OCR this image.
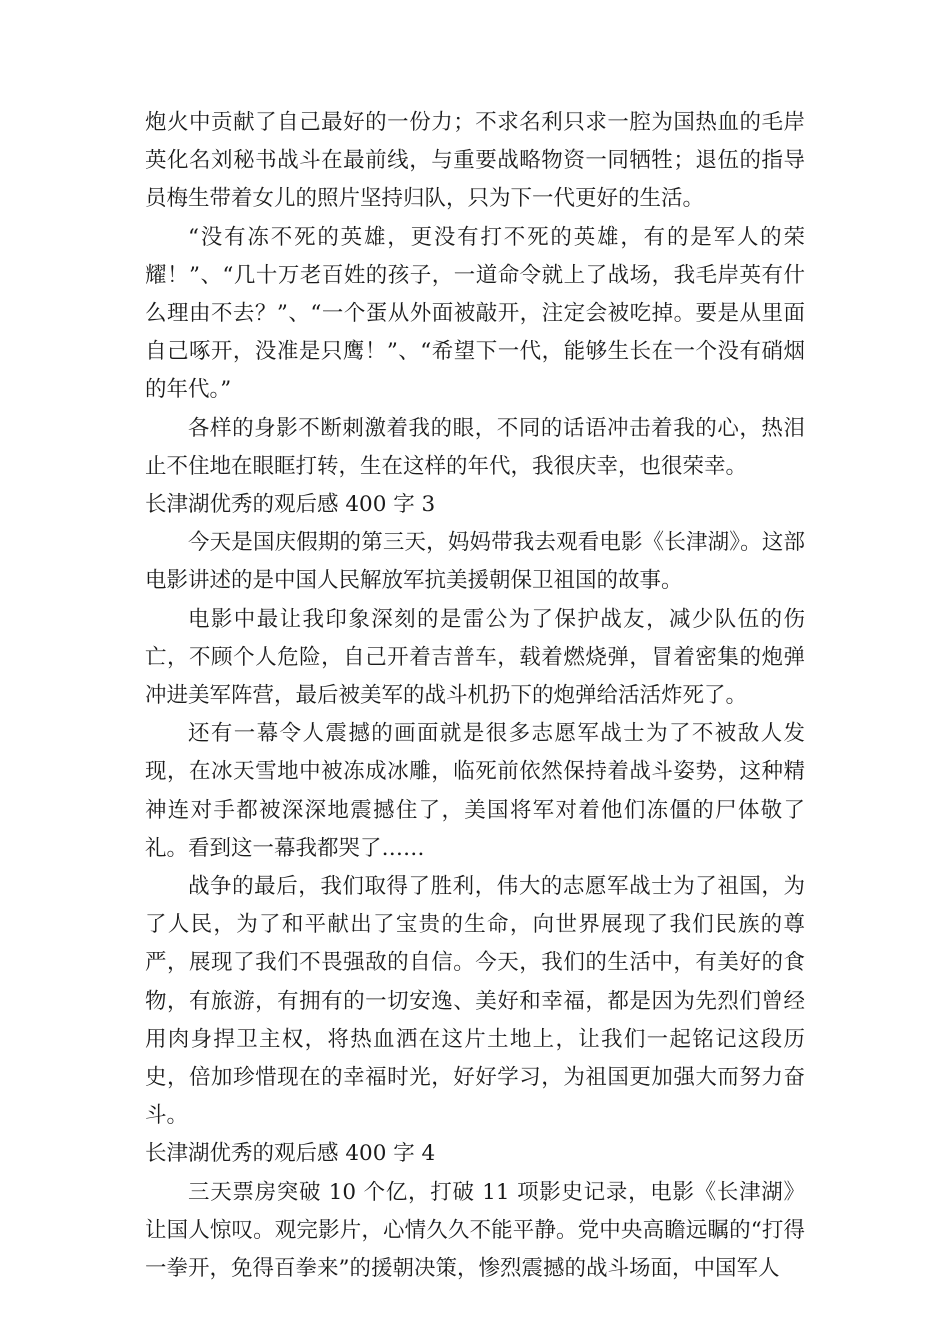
炮火中贡献了自己最好的一份力；不求名利只求一腔为国热血的毛岸英化名刘秘书战斗在最前线，与重要战略物资一同牺牲；退伍的指导员梅生带着女儿的照片坚持归队，只为下一代更好的生活。

“没有冻不死的英雄，更没有打不死的英雄，有的是军人的荣耀！”、“几十万老百姓的孩子，一道命令就上了战场，我毛岸英有什么理由不去？”、“一个蛋从外面被敲开，注定会被吃掉。要是从里面自己啄开，没准是只鹰！”、“希望下一代，能够生长在一个没有硝烟的年代。”

各样的身影不断刺激着我的眼，不同的话语冲击着我的心，热泪止不住地在眼眶打转，生在这样的年代，我很庆幸，也很荣幸。

长津湖优秀的观后感 400 字 3

今天是国庆假期的第三天，妈妈带我去观看电影《长津湖》。这部电影讲述的是中国人民解放军抗美援朝保卫祖国的故事。

电影中最让我印象深刻的是雷公为了保护战友，减少队伍的伤亡，不顾个人危险，自己开着吉普车，载着燃烧弹，冒着密集的炮弹冲进美军阵营，最后被美军的战斗机扔下的炮弹给活活炸死了。

还有一幕令人震撼的画面就是很多志愿军战士为了不被敌人发现，在冰天雪地中被冻成冰雕，临死前依然保持着战斗姿势，这种精神连对手都被深深地震撼住了，美国将军对着他们冻僵的尸体敬了礼。看到这一幕我都哭了……

战争的最后，我们取得了胜利，伟大的志愿军战士为了祖国，为了人民，为了和平献出了宝贵的生命，向世界展现了我们民族的尊严，展现了我们不畏强敌的自信。今天，我们的生活中，有美好的食物，有旅游，有拥有的一切安逸、美好和幸福，都是因为先烈们曾经用肉身捍卫主权，将热血洒在这片土地上，让我们一起铭记这段历史，倍加珍惜现在的幸福时光，好好学习，为祖国更加强大而努力奋斗。

长津湖优秀的观后感 400 字 4

三天票房突破 10 个亿，打破 11 项影史记录，电影《长津湖》让国人惊叹。观完影片，心情久久不能平静。党中央高瞻远瞩的“打得一拳开，免得百拳来”的援朝决策，惨烈震撼的战斗场面，中国军人
